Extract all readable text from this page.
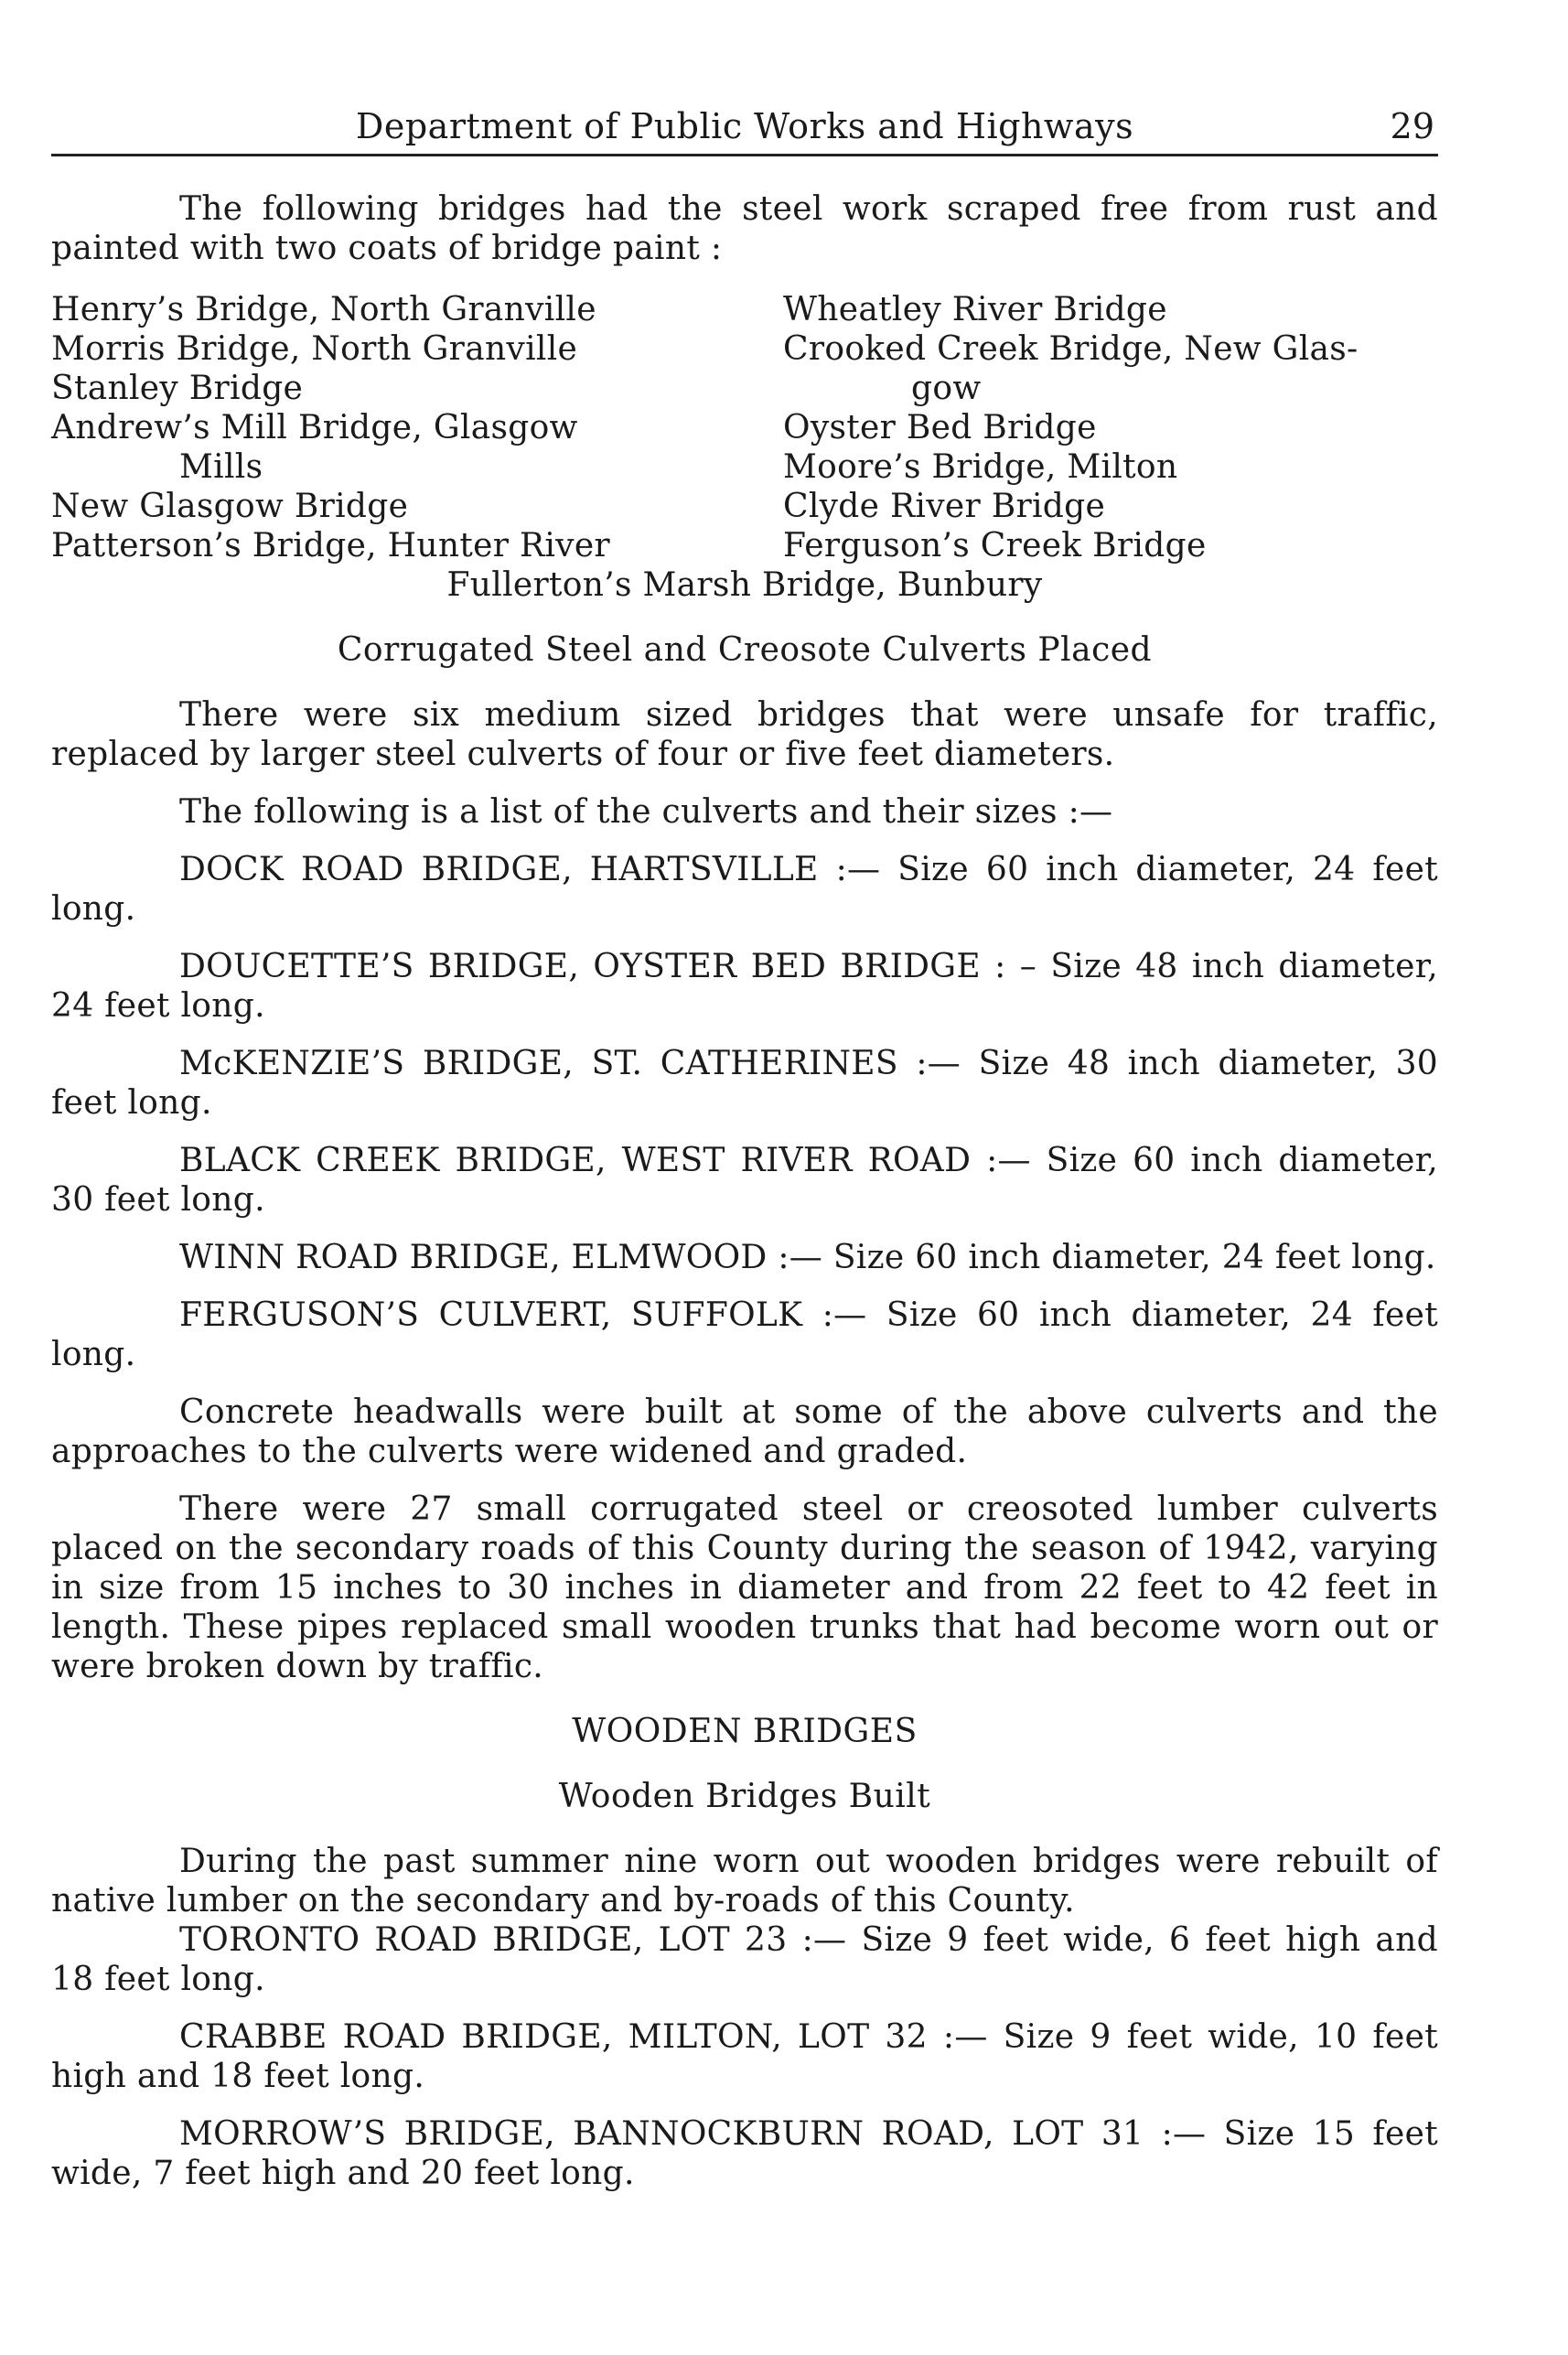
Department of Public Works and Highways	29

The following bridges had the steel work scraped free from rust and painted with two coats of bridge paint :

Henry’s Bridge, North Granville
Morris Bridge, North Granville
Stanley Bridge
Andrew’s Mill Bridge, Glasgow
Mills
New Glasgow Bridge
Patterson’s Bridge, Hunter River
Wheatley River Bridge
Crooked Creek Bridge, New Glas-
gow
Oyster Bed Bridge
Moore’s Bridge, Milton
Clyde River Bridge
Ferguson’s Creek Bridge

Fullerton’s Marsh Bridge, Bunbury

Corrugated Steel and Creosote Culverts Placed

There were six medium sized bridges that were unsafe for traffic, replaced by larger steel culverts of four or five feet diameters.

The following is a list of the culverts and their sizes :—

DOCK ROAD BRIDGE, HARTSVILLE :— Size 60 inch diameter, 24 feet long.

DOUCETTE’S BRIDGE, OYSTER BED BRIDGE : – Size 48 inch diameter, 24 feet long.

McKENZIE’S BRIDGE, ST. CATHERINES :— Size 48 inch diameter, 30 feet long.

BLACK CREEK BRIDGE, WEST RIVER ROAD :— Size 60 inch diameter, 30 feet long.

WINN ROAD BRIDGE, ELMWOOD :— Size 60 inch diameter, 24 feet long.

FERGUSON’S CULVERT, SUFFOLK :— Size 60 inch diameter, 24 feet long.

Concrete headwalls were built at some of the above culverts and the approaches to the culverts were widened and graded.

There were 27 small corrugated steel or creosoted lumber culverts placed on the secondary roads of this County during the season of 1942, varying in size from 15 inches to 30 inches in diameter and from 22 feet to 42 feet in length. These pipes replaced small wooden trunks that had become worn out or were broken down by traffic.

WOODEN BRIDGES

Wooden Bridges Built

During the past summer nine worn out wooden bridges were rebuilt of native lumber on the secondary and by-roads of this County.

TORONTO ROAD BRIDGE, LOT 23 :— Size 9 feet wide, 6 feet high and 18 feet long.

CRABBE ROAD BRIDGE, MILTON, LOT 32 :— Size 9 feet wide, 10 feet high and 18 feet long.

MORROW’S BRIDGE, BANNOCKBURN ROAD, LOT 31 :— Size 15 feet wide, 7 feet high and 20 feet long.
